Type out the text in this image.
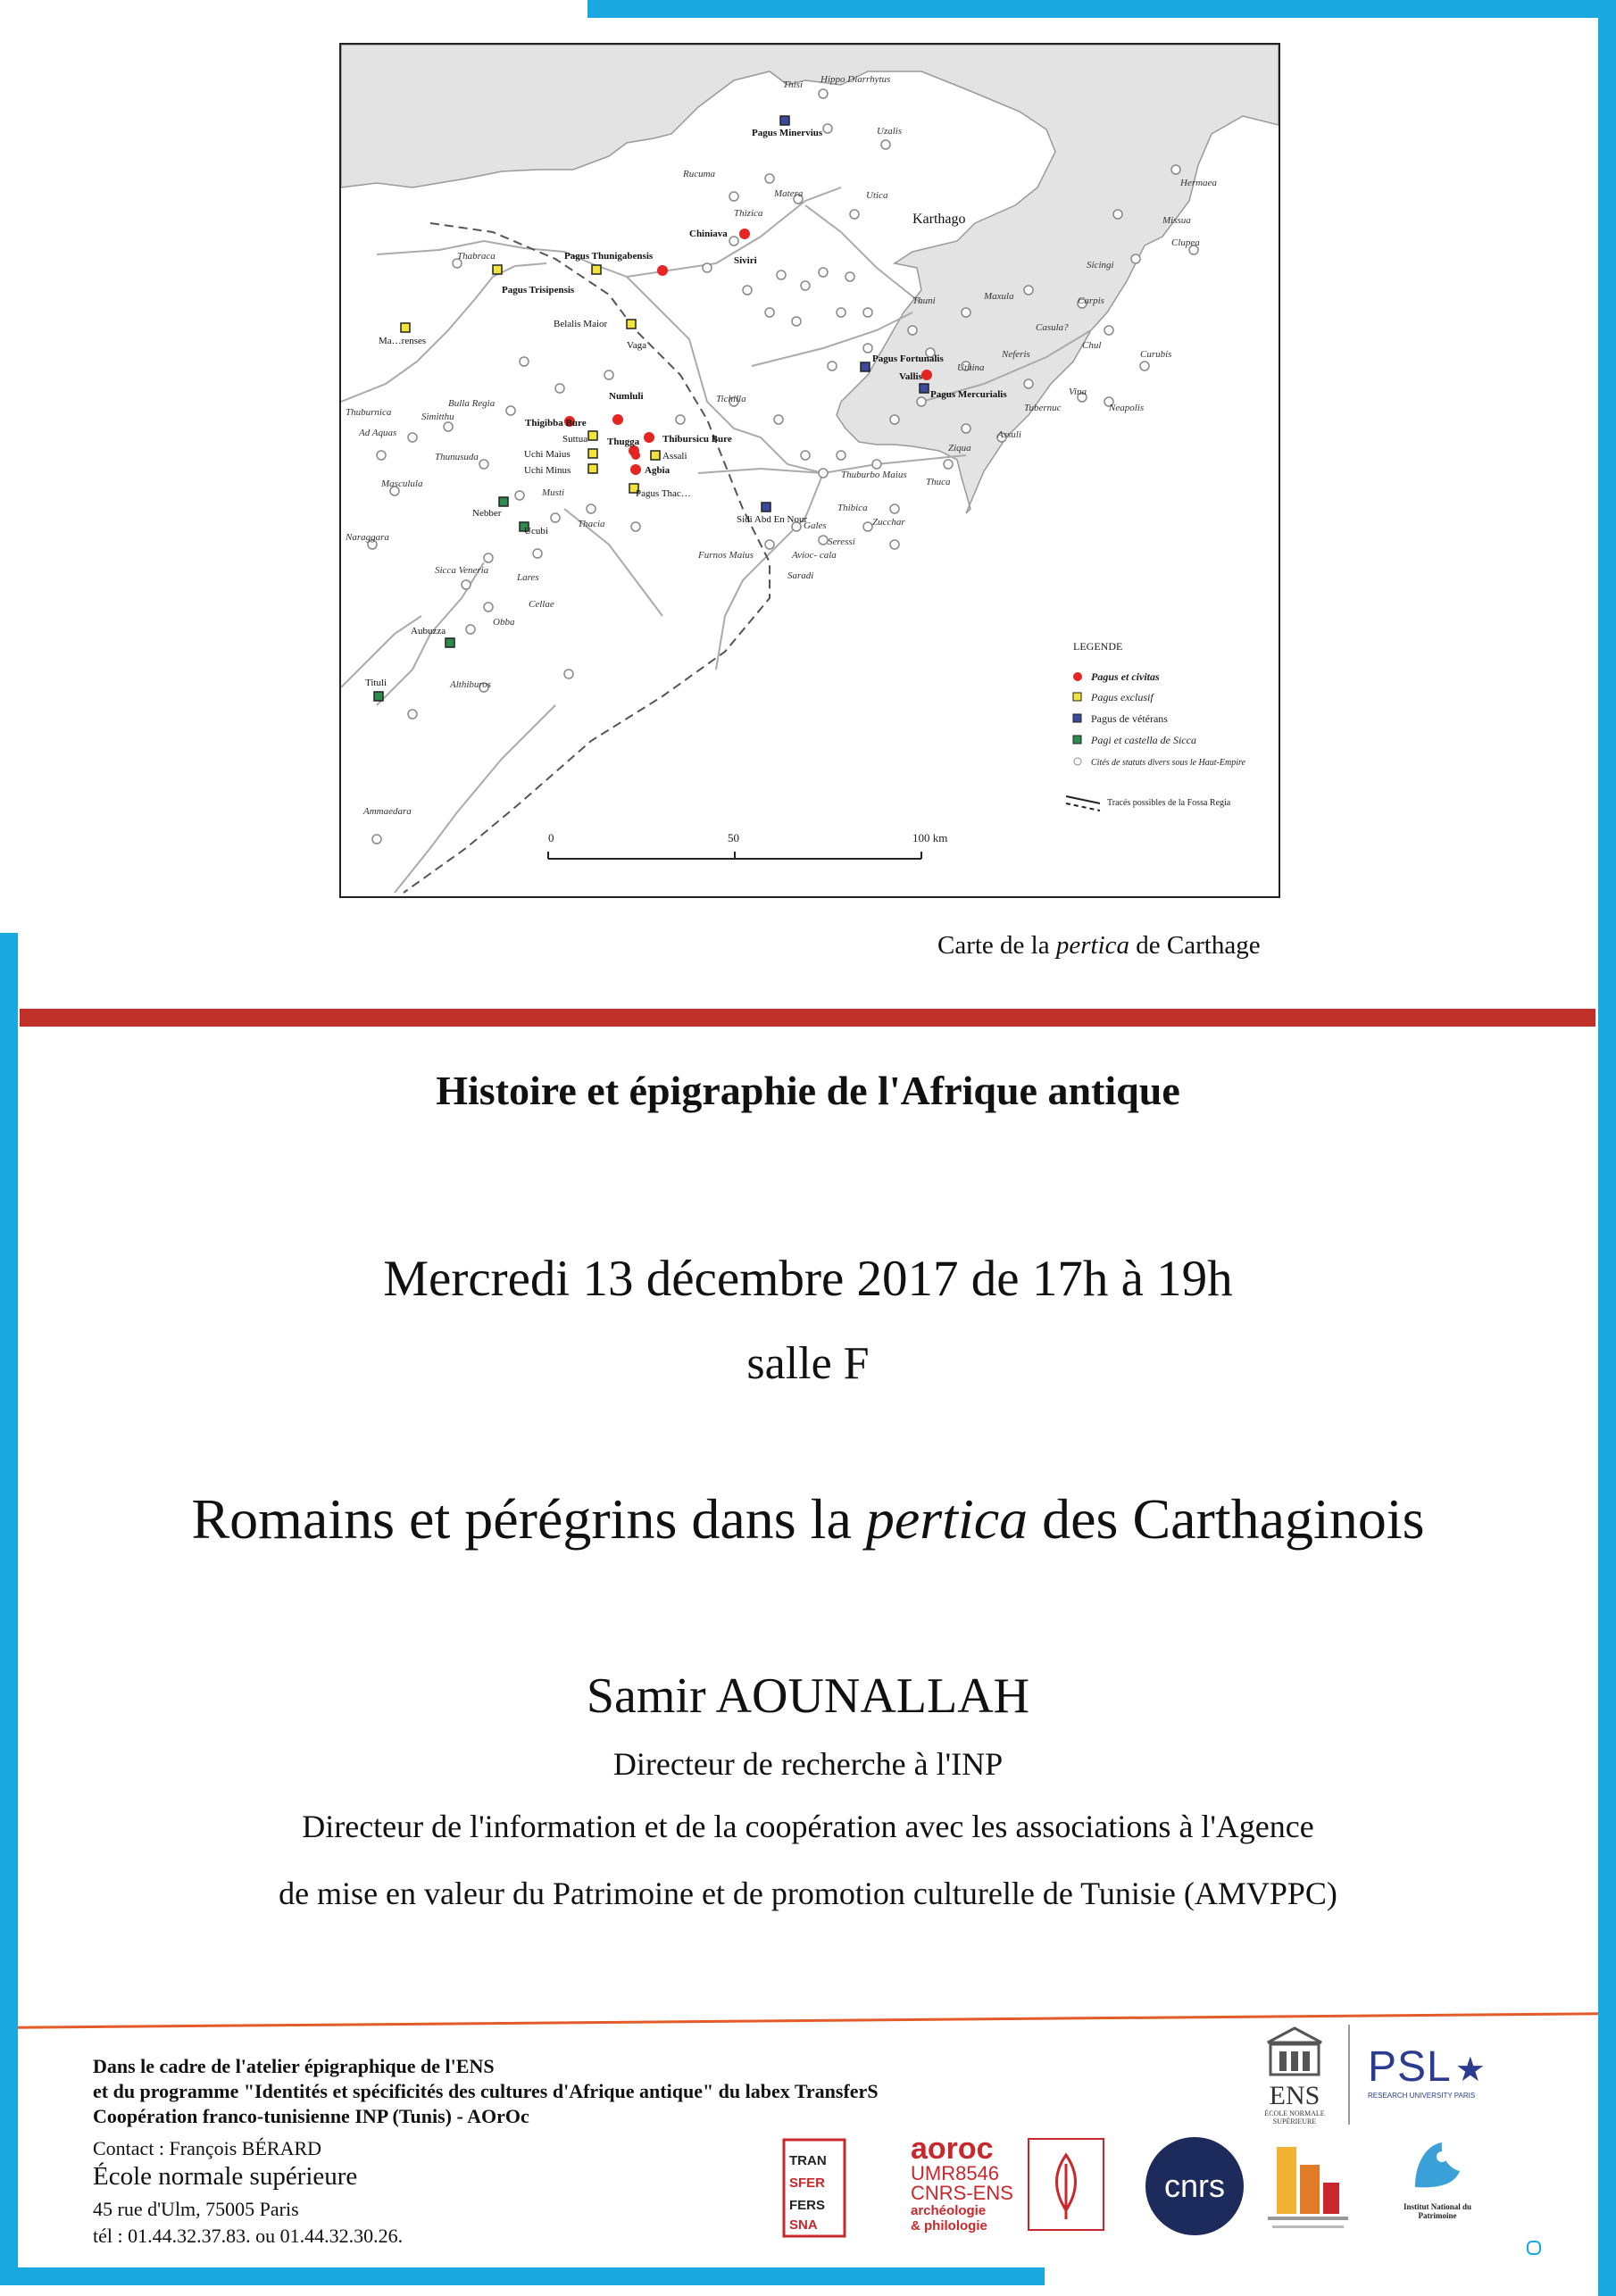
Karthago
Chiniava
Siviri
Vallis
Pagus Minervius
Pagus Thunigabensis
Pagus Trisipensis
Belalis Maior
Vaga
Numluli
Thigibba Bure
Thugga Thibursicu Bure
Agbia
Assali
Suttua
Uchi Maius
Uchi Minus
Pagus Fortunalis
Pagus Mercurialis
Nebber
Ucubi
Aubuzza
Tituli
Ma…renses
Sidi Abd En Nour
Pagus Thac…
Utica
Hippo Diarrhytus
Uzalis
Rucuma
Matera
Thabraca
Bulla Regia
Simitthu
Thuburnica
Ad Aquas
Thunusuda
Masculula
Naraggara
Sicca Veneria
Lares
Cellae
Obba
Althiburos
Ammaedara
Musti
Thacia
Tichilla
Thuburbo Maius
Zucchar
Thibica
Neapolis
Curubis
Clupea
Missua
Hermaea
Tubernuc
Vina
Assuli
Ziqua
Thuca
Seressi
Gales
Avioc- cala
Furnos Maius
Saradi
Thuni	Maxula
Sicingi
Carpis
Casula?
Chul
Neferis
Uthina
Thisi
Thizica
LEGENDE
Pagus et civitas
Pagus exclusif
Pagus de vétérans
Pagi et castella de Sicca
Cités de statuts divers sous le Haut-Empire
Tracés possibles de la Fossa Regia
0	50	100 km
Carte de la pertica de Carthage
Histoire et épigraphie de l'Afrique antique
Mercredi 13 décembre 2017 de 17h à 19h
salle F
Romains et pérégrins dans la pertica des Carthaginois
Samir AOUNALLAH
Directeur de recherche à l'INP
Directeur de l'information et de la coopération avec les associations à l'Agence
de mise en valeur du Patrimoine et de promotion culturelle de Tunisie (AMVPPC)
Dans le cadre de l'atelier épigraphique de l'ENS
et du programme "Identités et spécificités des cultures d'Afrique antique" du labex TransferS
Coopération franco-tunisienne INP (Tunis) - AOrOc
Contact : François BÉRARD
École normale supérieure
45 rue d'Ulm, 75005 Paris
tél : 01.44.32.37.83. ou 01.44.32.30.26.
ENS
ÉCOLE NORMALE
SUPÉRIEURE
PSL ★
RESEARCH UNIVERSITY PARIS
TRAN
SFER
FERS
SNA
aoroc
UMR8546
CNRS-ENS
archéologie
& philologie
cnrs
Institut National du Patrimoine
